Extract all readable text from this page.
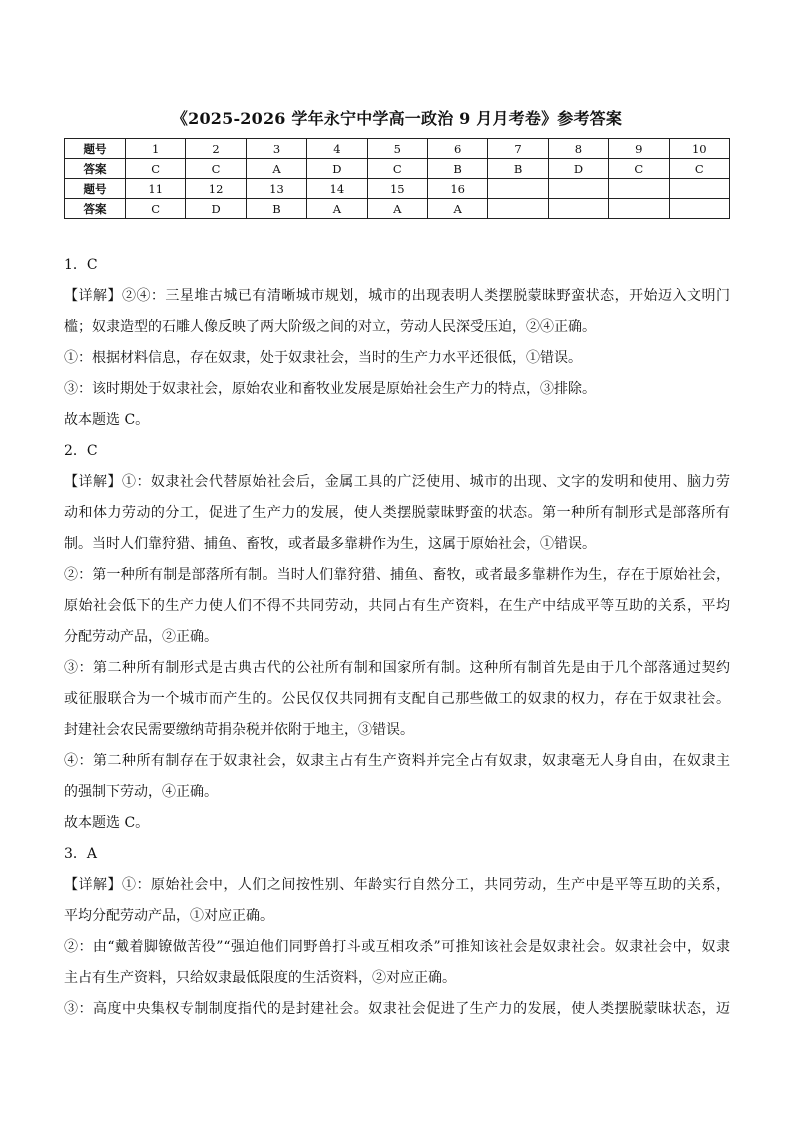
《2025-2026 学年永宁中学高一政治 9 月月考卷》参考答案
题号	1	2	3	4	5	6	7	8	9	10
答案	C	C	A	D	C	B	B	D	C	C
题号	11	12	13	14	15	16				
答案	C	D	B	A	A	A				
1．C
【详解】②④：三星堆古城已有清晰城市规划，城市的出现表明人类摆脱蒙昧野蛮状态，开始迈入文明门
槛；奴隶造型的石雕人像反映了两大阶级之间的对立，劳动人民深受压迫，②④正确。
①：根据材料信息，存在奴隶，处于奴隶社会，当时的生产力水平还很低，①错误。
③：该时期处于奴隶社会，原始农业和畜牧业发展是原始社会生产力的特点，③排除。
故本题选 C。
2．C
【详解】①：奴隶社会代替原始社会后，金属工具的广泛使用、城市的出现、文字的发明和使用、脑力劳
动和体力劳动的分工，促进了生产力的发展，使人类摆脱蒙昧野蛮的状态。第一种所有制形式是部落所有
制。当时人们靠狩猎、捕鱼、畜牧，或者最多靠耕作为生，这属于原始社会，①错误。
②：第一种所有制是部落所有制。当时人们靠狩猎、捕鱼、畜牧，或者最多靠耕作为生，存在于原始社会，
原始社会低下的生产力使人们不得不共同劳动，共同占有生产资料，在生产中结成平等互助的关系，平均
分配劳动产品，②正确。
③：第二种所有制形式是古典古代的公社所有制和国家所有制。这种所有制首先是由于几个部落通过契约
或征服联合为一个城市而产生的。公民仅仅共同拥有支配自己那些做工的奴隶的权力，存在于奴隶社会。
封建社会农民需要缴纳苛捐杂税并依附于地主，③错误。
④：第二种所有制存在于奴隶社会，奴隶主占有生产资料并完全占有奴隶，奴隶毫无人身自由，在奴隶主
的强制下劳动，④正确。
故本题选 C。
3．A
【详解】①：原始社会中，人们之间按性别、年龄实行自然分工，共同劳动，生产中是平等互助的关系，
平均分配劳动产品，①对应正确。
②：由“戴着脚镣做苦役”“强迫他们同野兽打斗或互相攻杀”可推知该社会是奴隶社会。奴隶社会中，奴隶
主占有生产资料，只给奴隶最低限度的生活资料，②对应正确。
③：高度中央集权专制制度指代的是封建社会。奴隶社会促进了生产力的发展，使人类摆脱蒙昧状态，迈
